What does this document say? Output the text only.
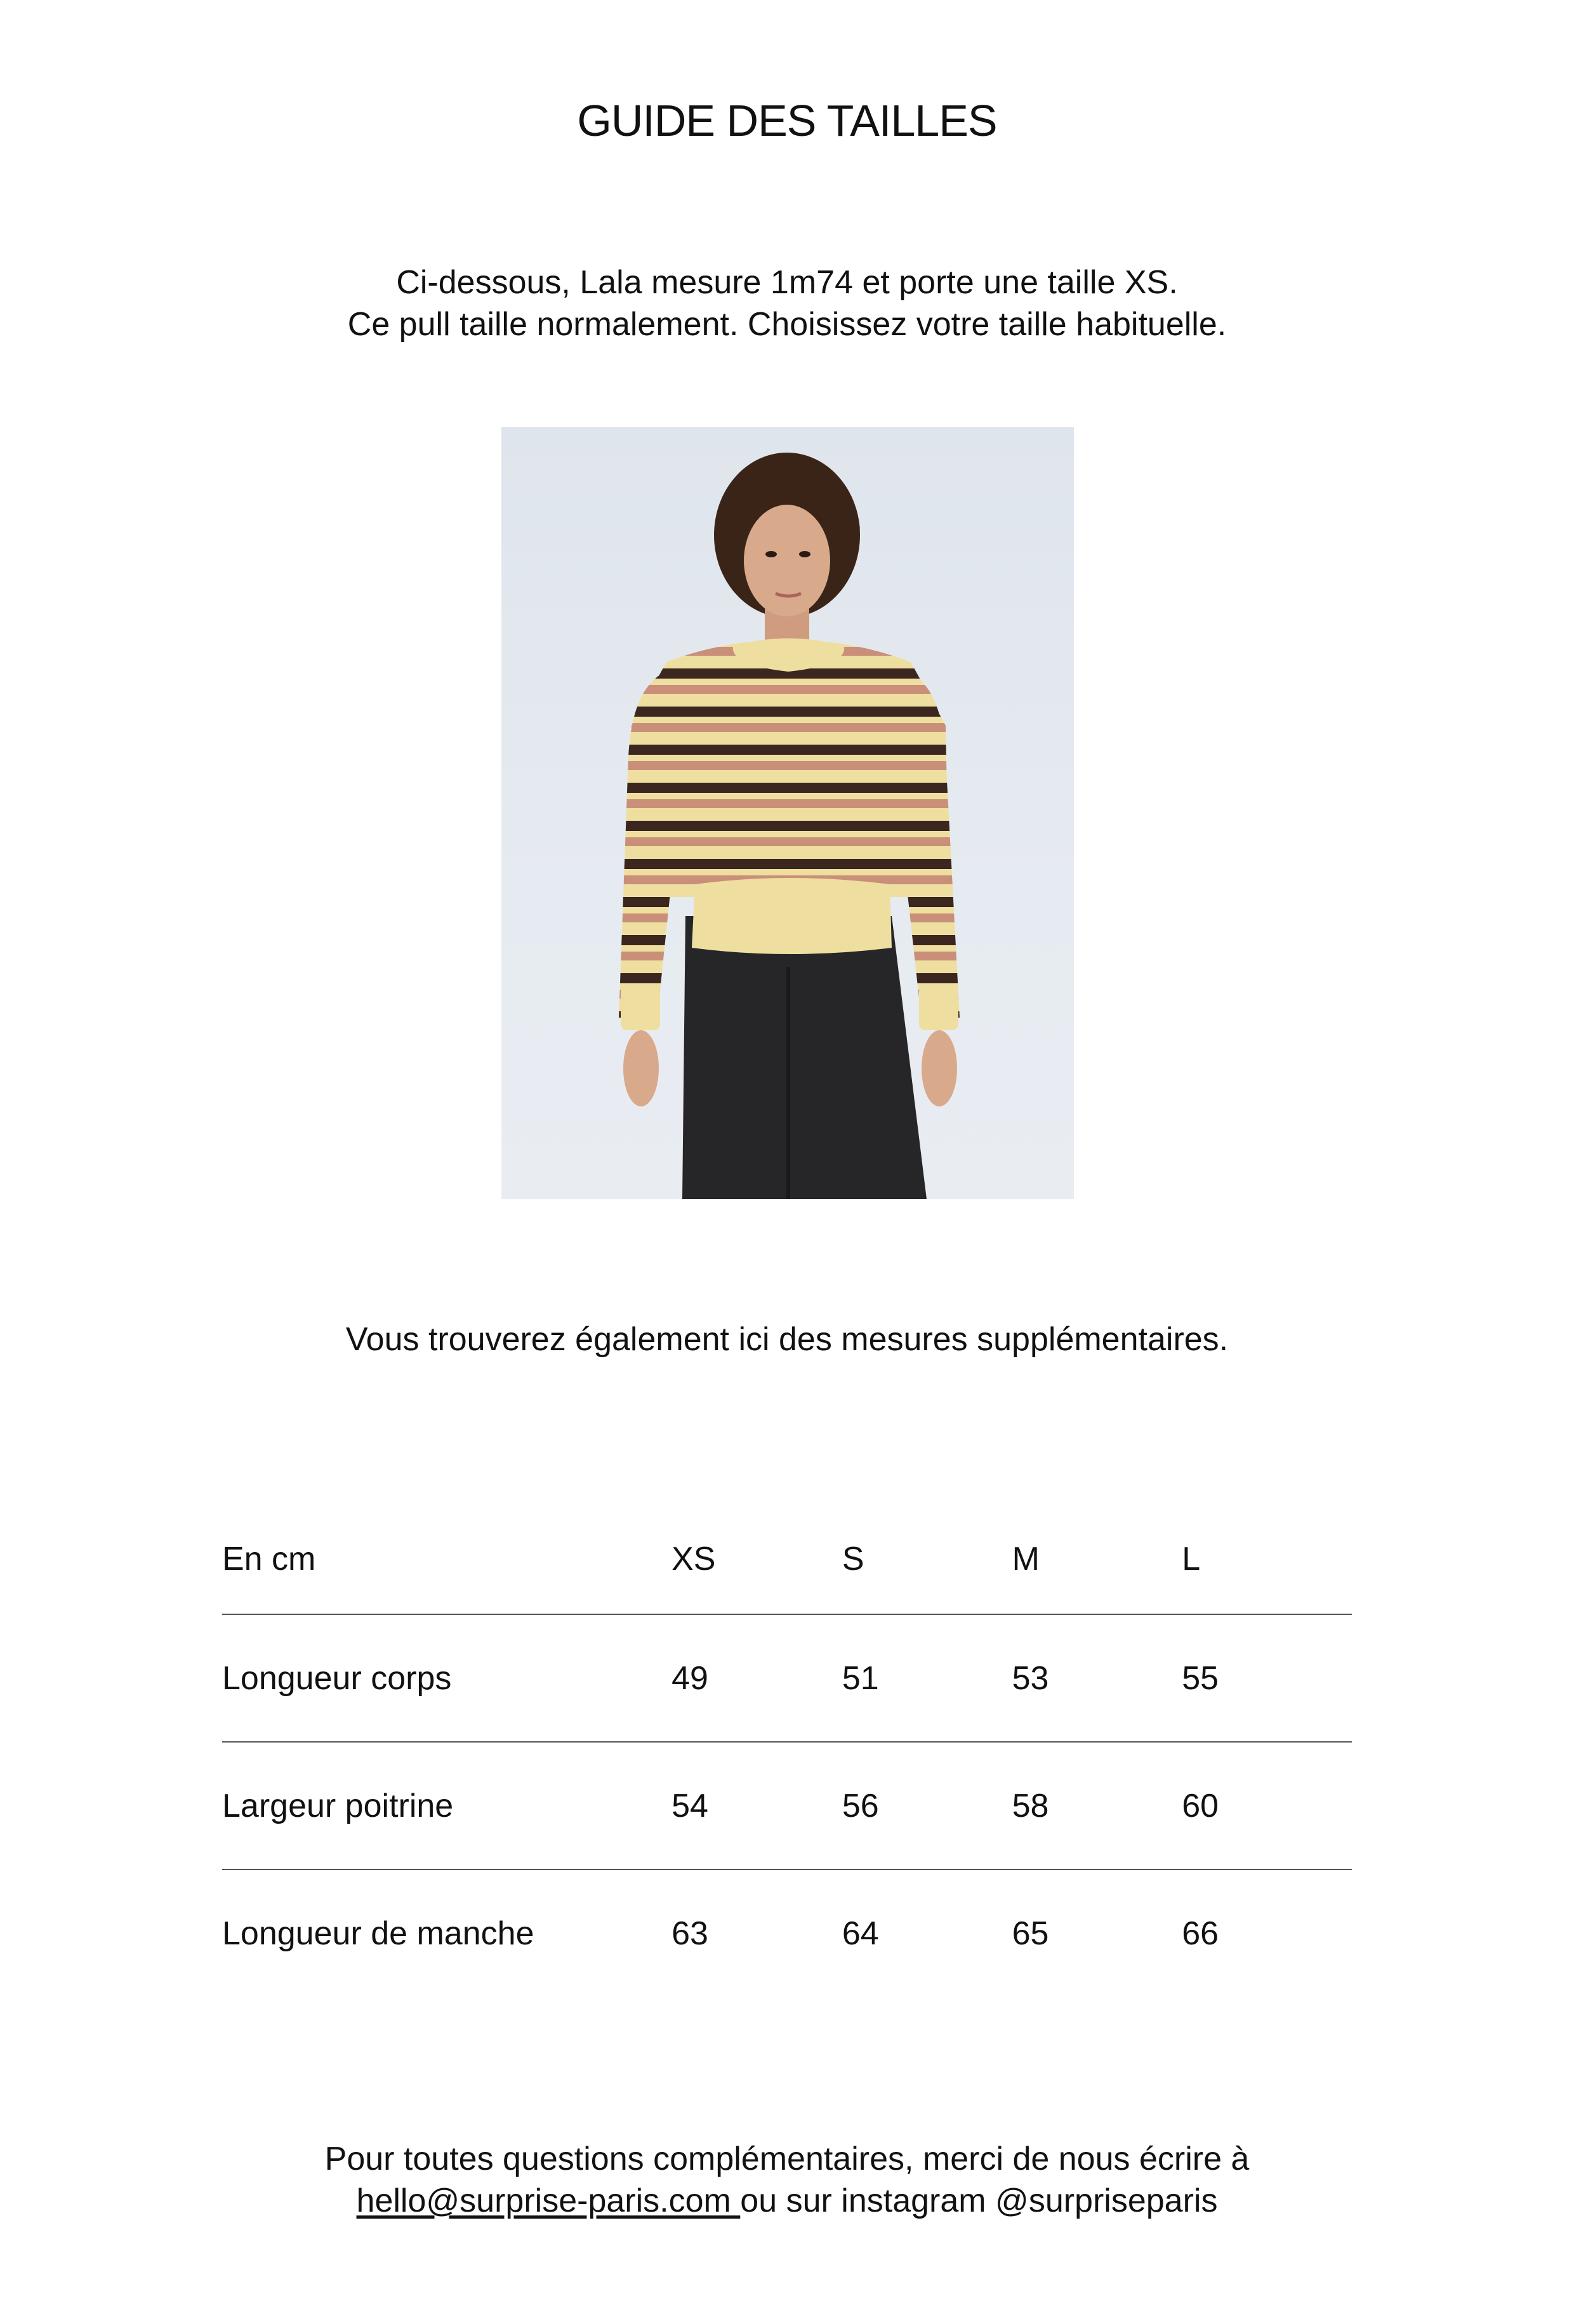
GUIDE DES TAILLES
Ci-dessous, Lala mesure 1m74 et porte une taille XS.
Ce pull taille normalement. Choisissez votre taille habituelle.
Vous trouverez également ici des mesures supplémentaires.
En cm	XS	S	M	L
Longueur corps	49	51	53	55
Largeur poitrine	54	56	58	60
Longueur de manche	63	64	65	66
Pour toutes questions complémentaires, merci de nous écrire à
hello@surprise-paris.com ou sur instagram @surpriseparis
